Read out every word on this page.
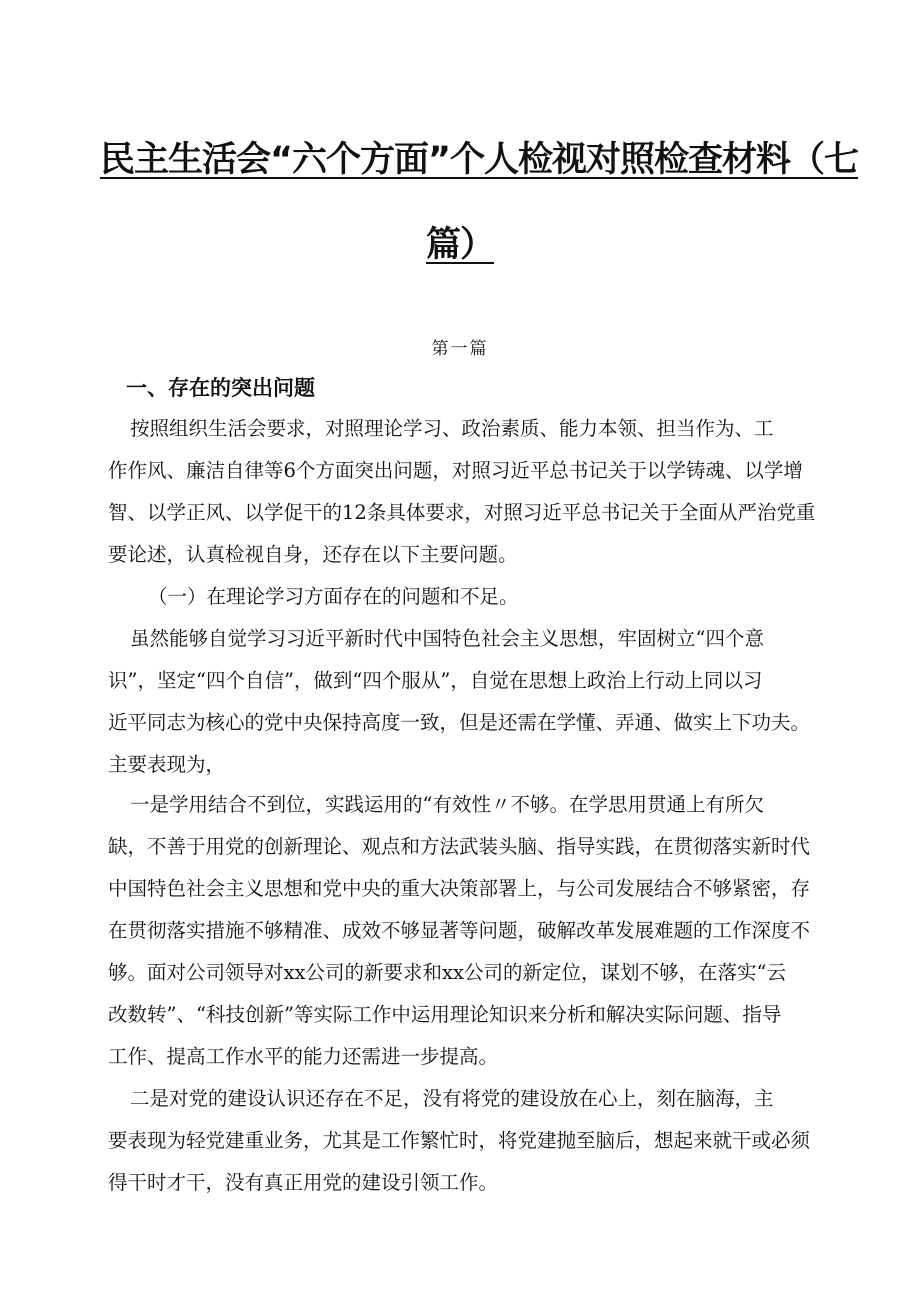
民主生活会“六个方面”个人检视对照检查材料（七
篇）
第一篇
一、存在的突出问题
按照组织生活会要求，对照理论学习、政治素质、能力本领、担当作为、工
作作风、廉洁自律等6个方面突出问题，对照习近平总书记关于以学铸魂、以学增
智、以学正风、以学促干的12条具体要求，对照习近平总书记关于全面从严治党重
要论述，认真检视自身，还存在以下主要问题。
（一）在理论学习方面存在的问题和不足。
虽然能够自觉学习习近平新时代中国特色社会主义思想，牢固树立“四个意
识”，坚定“四个自信”，做到“四个服从”，自觉在思想上政治上行动上同以习
近平同志为核心的党中央保持高度一致，但是还需在学懂、弄通、做实上下功夫。
主要表现为，
一是学用结合不到位，实践运用的“有效性〃不够。在学思用贯通上有所欠
缺，不善于用党的创新理论、观点和方法武装头脑、指导实践，在贯彻落实新时代
中国特色社会主义思想和党中央的重大决策部署上，与公司发展结合不够紧密，存
在贯彻落实措施不够精准、成效不够显著等问题，破解改革发展难题的工作深度不
够。面对公司领导对xx公司的新要求和xx公司的新定位，谋划不够，在落实“云
改数转”、“科技创新”等实际工作中运用理论知识来分析和解决实际问题、指导
工作、提高工作水平的能力还需进一步提高。
二是对党的建设认识还存在不足，没有将党的建设放在心上，刻在脑海，主
要表现为轻党建重业务，尤其是工作繁忙时，将党建抛至脑后，想起来就干或必须
得干时才干，没有真正用党的建设引领工作。
